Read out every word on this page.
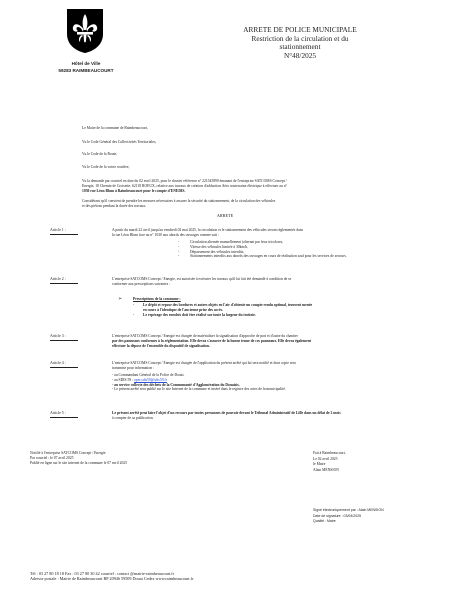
Hôtel de Ville
59283 RAIMBEAUCOURT
ARRETE DE POLICE MUNICIPALE
Restriction de la circulation et du
stationnement
N°48/2025
Le Maire de la commune de Raimbeaucourt,
Vu le Code Général des Collectivités Territoriales,
Vu le Code de la Route,
Vu le Code de la voirie routière,
Vu la demande par courriel en date du 02 avril 2025, pour le dossier référence n° 221545890 émanant de l'entreprise SATCOMS Concept /
Energie, 18 Chemin de Croisette, 62118 ROEUX, relative aux travaux de création d'adduction Aéro souterraine électrique à effectuer au n°
1030 rue Léon Blum à Raimbeaucourt pour le compte d'ENEDIS.
Considérant qu'il convient de prendre les mesures nécessaires à assurer la sécurité du stationnement, de la circulation des véhicules
et des piétons pendant la durée des travaux.
ARRETE
Article 1 :	A partir du mardi 22 avril jusqu'au vendredi 02 mai 2025, la circulation et le stationnement des véhicules seront réglementés dans
la rue Léon Blum face au n° 1030 aux abords des ouvrages comme suit :
- Circulation alternée manuellement (alternat par feux tricolores,
- Vitesse des véhicules limitée à 30km/h,
- Dépassement des véhicules interdits,
- Stationnements interdits aux abords des ouvrages en cours de réalisation sauf pour les services de secours.
Article 2 :	L'entreprise SATCOMS Concept / Energie, est autorisée à exécuter les travaux qu'il lui fait été demandé à condition de se
conformer aux prescriptions suivantes :
➢	Prescriptions de la commune :
- Le dépôt et repose des bordures et autres objets en l'air d'obtenir un compte rendu optimal, trouvent menée
en cours à l'identique de l'ancienne prise des accès.
- Le repérage des enrobés doit être réalisé sur toute la largeur du trottoir.
Article 3 :	L'entreprise SATCOMS Concept / Energie est chargée de matérialiser la signalisation d'approche de part et d'autre du chantier
par des panneaux conformes à la réglementation. Elle devra s'assurer de la bonne tenue de ces panneaux. Elle devra également
effectuer la dépose de l'ensemble du dispositif de signalisation.
Article 4 :	L'entreprise SATCOMS Concept / Energie est chargée de l'application du présent arrêté qui lui sera notifié et dont copie sera
transmise pour information :
- au Commandant Général de la Police de Douai.
- au SDIS 59 : oper.sdis59@sdis59.fr
- au service collecte des déchets de la Communauté d'Agglomération du Douaisis.
- Le présent arrêté sera publié sur le site Internet de la commune et inséré dans le registre des actes de la municipalité.
Article 5 :	Le présent arrêté peut faire l'objet d'un recours par toutes personnes de pouvoir devant le Tribunal Administratif de Lille dans un délai de 2 mois
à compter de sa publication.
Notifié à l'entreprise SATCOMS Concept / Energie
Par courriel : le 07 avril 2025
Publié en ligne sur le site internet de la commune le 07 avril 2025
Fait à Raimbeaucourt,
Le 02 avril 2025
le Maire
Alain MENSION
Signé électroniquement par : Alain MENSION
Date de signature : 03/04/2025
Qualité : Maire
Tél : 03 27 80 18 18 Fax : 03 27 80 30 42 courriel : contact @mairie-raimbeaucourt.fr
Adresse postale : Mairie de Raimbeaucourt BP 20946 59509 Douai Cedex www.raimbeaucourt.fr
